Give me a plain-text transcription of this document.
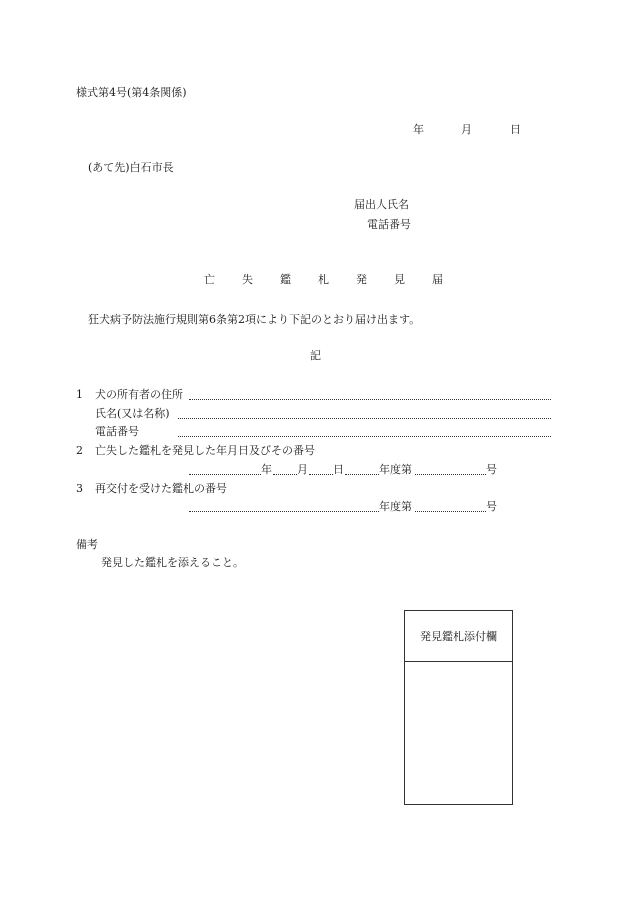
様式第4号(第4条関係)
年	月	日
(あて先)白石市長
届出人氏名
電話番号
亡 失 鑑 札 発 見 届
狂犬病予防法施行規則第6条第2項により下記のとおり届け出ます。
記
1 犬の所有者の住所
氏名(又は名称)
電話番号
2 亡失した鑑札を発見した年月日及びその番号
年 月 日	年度第	号
3 再交付を受けた鑑札の番号
年度第	号
備考
発見した鑑札を添えること。
発見鑑札添付欄
